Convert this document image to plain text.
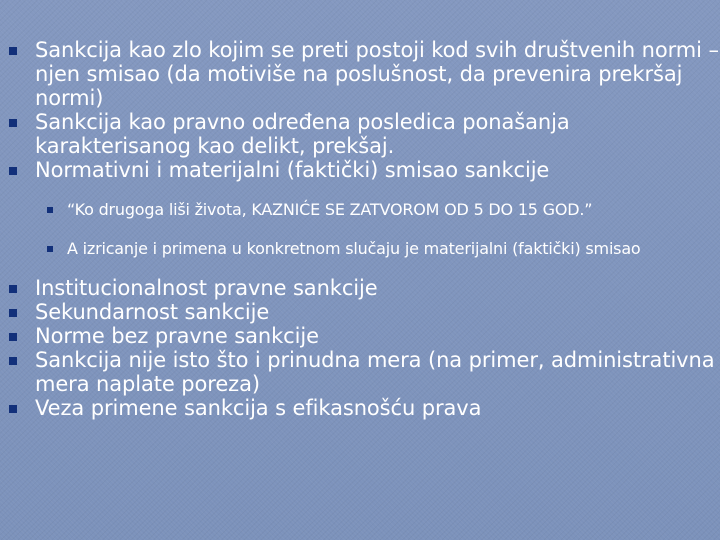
Sankcija kao zlo kojim se preti postoji kod svih društvenih normi – njen smisao (da motiviše na poslušnost, da prevenira prekršaj normi)

Sankcija kao pravno određena posledica ponašanja karakterisanog kao delikt, prekšaj.

Normativni i materijalni (faktički) smisao sankcije

“Ko drugoga liši života, KAZNIĆE SE ZATVOROM OD 5 DO 15 GOD.”

A izricanje i primena u konkretnom slučaju je materijalni (faktički) smisao

Institucionalnost pravne sankcije

Sekundarnost sankcije

Norme bez pravne sankcije

Sankcija nije isto što i prinudna mera (na primer, administrativna mera naplate poreza)

Veza primene sankcija s efikasnošću prava
